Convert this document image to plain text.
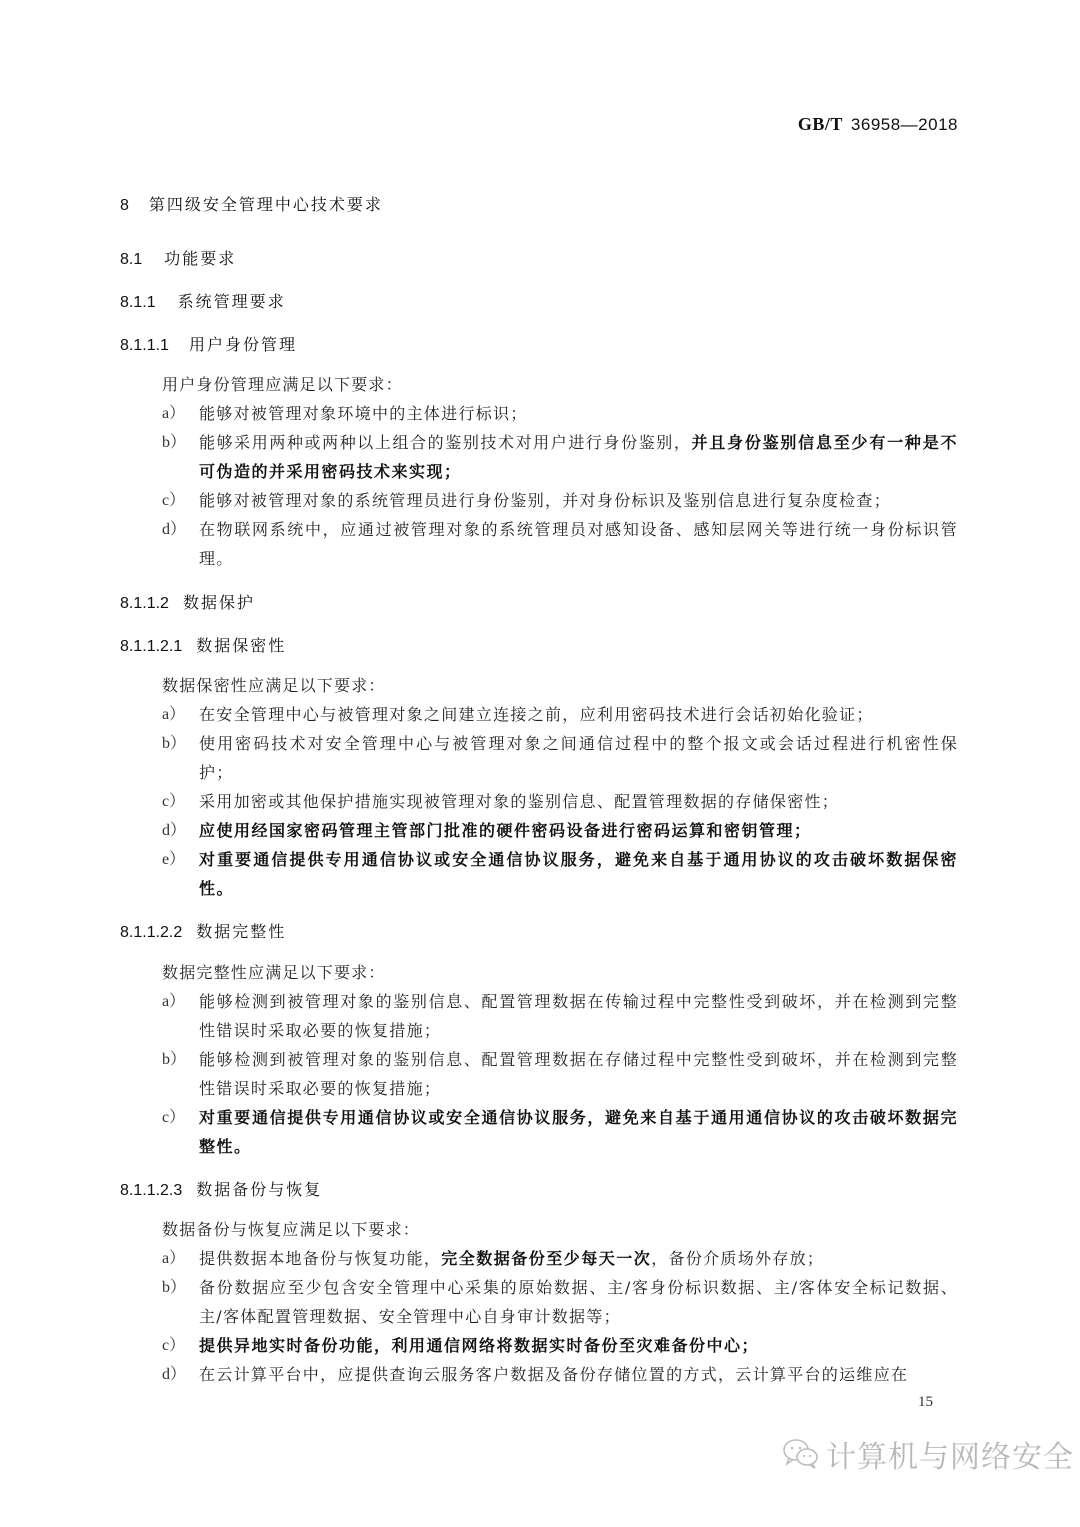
GB/T 36958—2018
8 第四级安全管理中心技术要求
8.1 功能要求
8.1.1 系统管理要求
8.1.1.1 用户身份管理
用户身份管理应满足以下要求：
a） 能够对被管理对象环境中的主体进行标识；
b） 能够采用两种或两种以上组合的鉴别技术对用户进行身份鉴别，并且身份鉴别信息至少有一种是不可伪造的并采用密码技术来实现；
c） 能够对被管理对象的系统管理员进行身份鉴别，并对身份标识及鉴别信息进行复杂度检查；
d） 在物联网系统中，应通过被管理对象的系统管理员对感知设备、感知层网关等进行统一身份标识管理。
8.1.1.2 数据保护
8.1.1.2.1 数据保密性
数据保密性应满足以下要求：
a） 在安全管理中心与被管理对象之间建立连接之前，应利用密码技术进行会话初始化验证；
b） 使用密码技术对安全管理中心与被管理对象之间通信过程中的整个报文或会话过程进行机密性保护；
c） 采用加密或其他保护措施实现被管理对象的鉴别信息、配置管理数据的存储保密性；
d） 应使用经国家密码管理主管部门批准的硬件密码设备进行密码运算和密钥管理；
e） 对重要通信提供专用通信协议或安全通信协议服务，避免来自基于通用协议的攻击破坏数据保密性。
8.1.1.2.2 数据完整性
数据完整性应满足以下要求：
a） 能够检测到被管理对象的鉴别信息、配置管理数据在传输过程中完整性受到破坏，并在检测到完整性错误时采取必要的恢复措施；
b） 能够检测到被管理对象的鉴别信息、配置管理数据在存储过程中完整性受到破坏，并在检测到完整性错误时采取必要的恢复措施；
c） 对重要通信提供专用通信协议或安全通信协议服务，避免来自基于通用通信协议的攻击破坏数据完整性。
8.1.1.2.3 数据备份与恢复
数据备份与恢复应满足以下要求：
a） 提供数据本地备份与恢复功能，完全数据备份至少每天一次，备份介质场外存放；
b） 备份数据应至少包含安全管理中心采集的原始数据、主/客身份标识数据、主/客体安全标记数据、主/客体配置管理数据、安全管理中心自身审计数据等；
c） 提供异地实时备份功能，利用通信网络将数据实时备份至灾难备份中心；
d） 在云计算平台中，应提供查询云服务客户数据及备份存储位置的方式，云计算平台的运维应在
15
计算机与网络安全
